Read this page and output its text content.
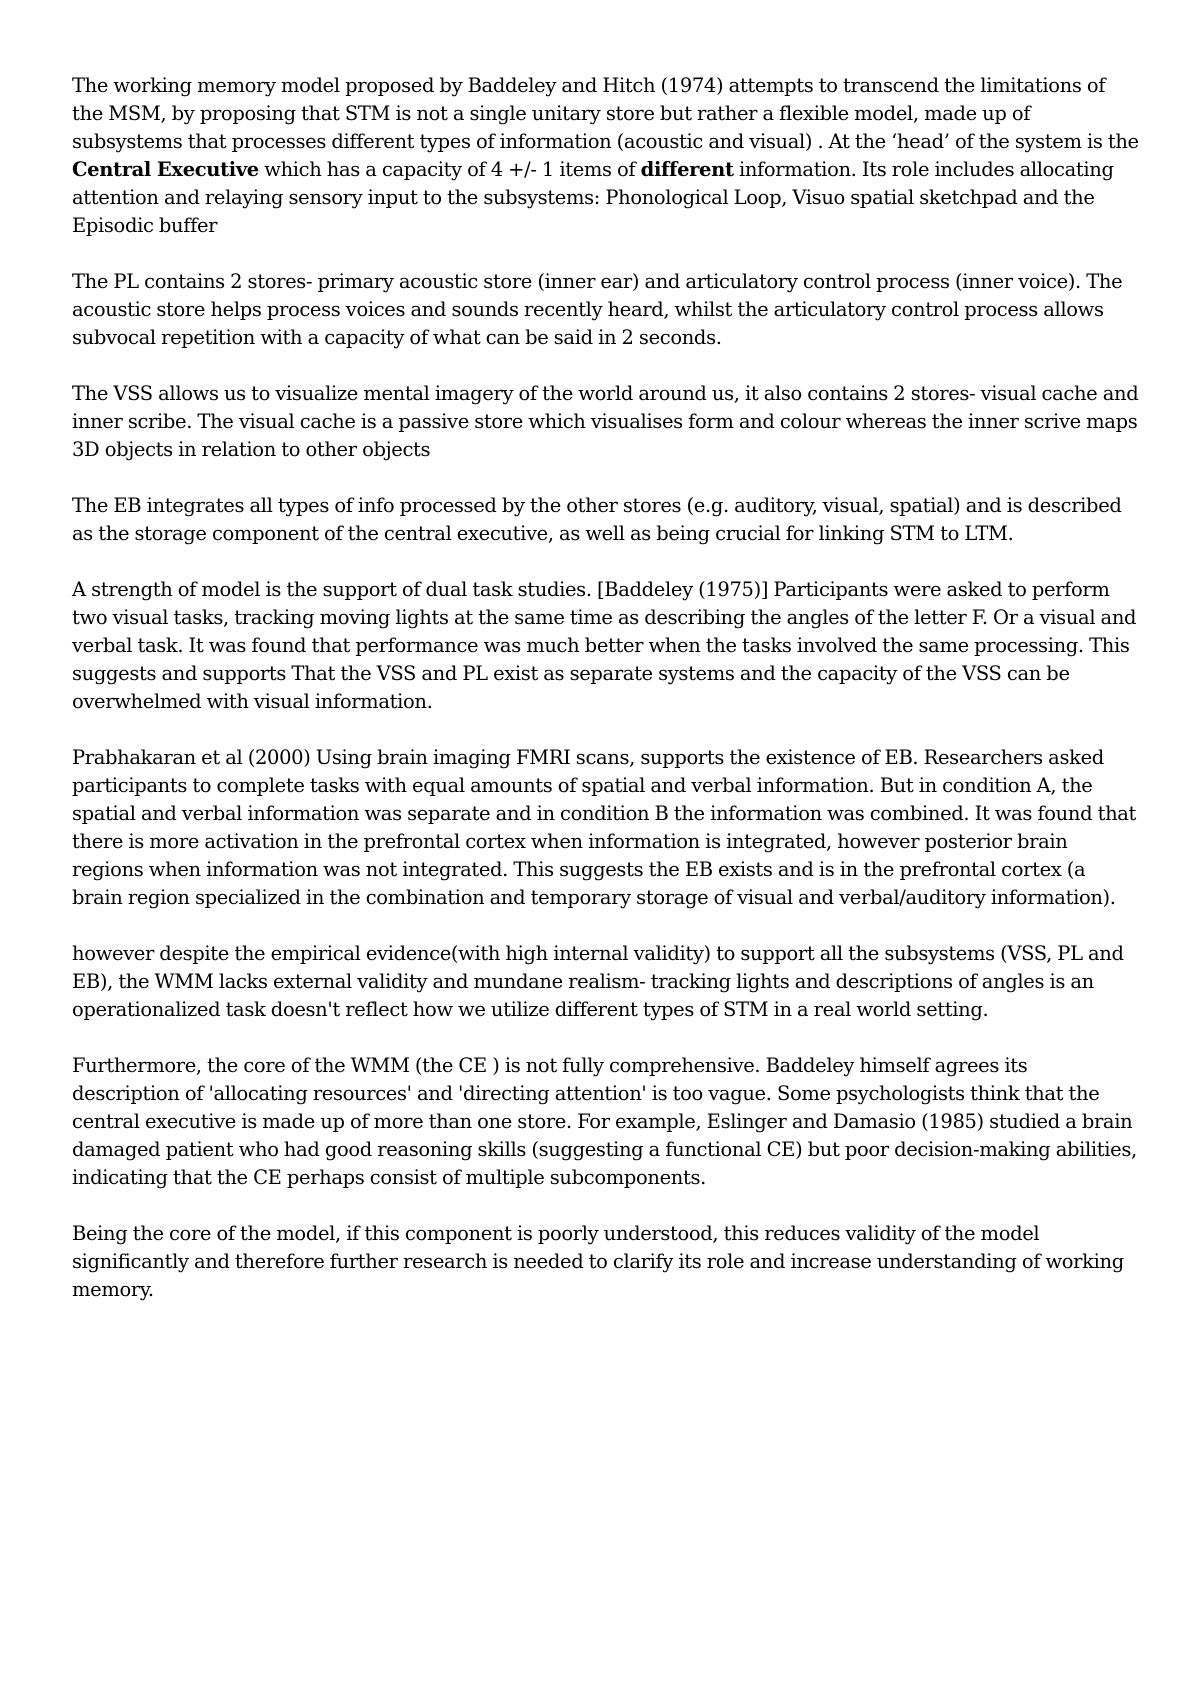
The working memory model proposed by Baddeley and Hitch (1974) attempts to transcend the limitations of the MSM, by proposing that STM is not a single unitary store but rather a flexible model, made up of subsystems that processes different types of information (acoustic and visual) . At the ‘head’ of the system is the Central Executive which has a capacity of 4 +/- 1 items of different information. Its role includes allocating attention and relaying sensory input to the subsystems: Phonological Loop, Visuo spatial sketchpad and the Episodic buffer

The PL contains 2 stores- primary acoustic store (inner ear) and articulatory control process (inner voice). The acoustic store helps process voices and sounds recently heard, whilst the articulatory control process allows subvocal repetition with a capacity of what can be said in 2 seconds.

The VSS allows us to visualize mental imagery of the world around us, it also contains 2 stores- visual cache and inner scribe. The visual cache is a passive store which visualises form and colour whereas the inner scrive maps 3D objects in relation to other objects

The EB integrates all types of info processed by the other stores (e.g. auditory, visual, spatial) and is described as the storage component of the central executive, as well as being crucial for linking STM to LTM.

A strength of model is the support of dual task studies. [Baddeley (1975)] Participants were asked to perform two visual tasks, tracking moving lights at the same time as describing the angles of the letter F. Or a visual and verbal task. It was found that performance was much better when the tasks involved the same processing. This suggests and supports That the VSS and PL exist as separate systems and the capacity of the VSS can be overwhelmed with visual information.

Prabhakaran et al (2000) Using brain imaging FMRI scans, supports the existence of EB. Researchers asked participants to complete tasks with equal amounts of spatial and verbal information. But in condition A, the spatial and verbal information was separate and in condition B the information was combined. It was found that there is more activation in the prefrontal cortex when information is integrated, however posterior brain regions when information was not integrated. This suggests the EB exists and is in the prefrontal cortex (a brain region specialized in the combination and temporary storage of visual and verbal/auditory information).

however despite the empirical evidence(with high internal validity) to support all the subsystems (VSS, PL and EB), the WMM lacks external validity and mundane realism- tracking lights and descriptions of angles is an operationalized task doesn't reflect how we utilize different types of STM in a real world setting.

Furthermore, the core of the WMM (the CE ) is not fully comprehensive. Baddeley himself agrees its description of 'allocating resources' and 'directing attention' is too vague. Some psychologists think that the central executive is made up of more than one store. For example, Eslinger and Damasio (1985) studied a brain damaged patient who had good reasoning skills (suggesting a functional CE) but poor decision-making abilities, indicating that the CE perhaps consist of multiple subcomponents.

Being the core of the model, if this component is poorly understood, this reduces validity of the model significantly and therefore further research is needed to clarify its role and increase understanding of working memory.
